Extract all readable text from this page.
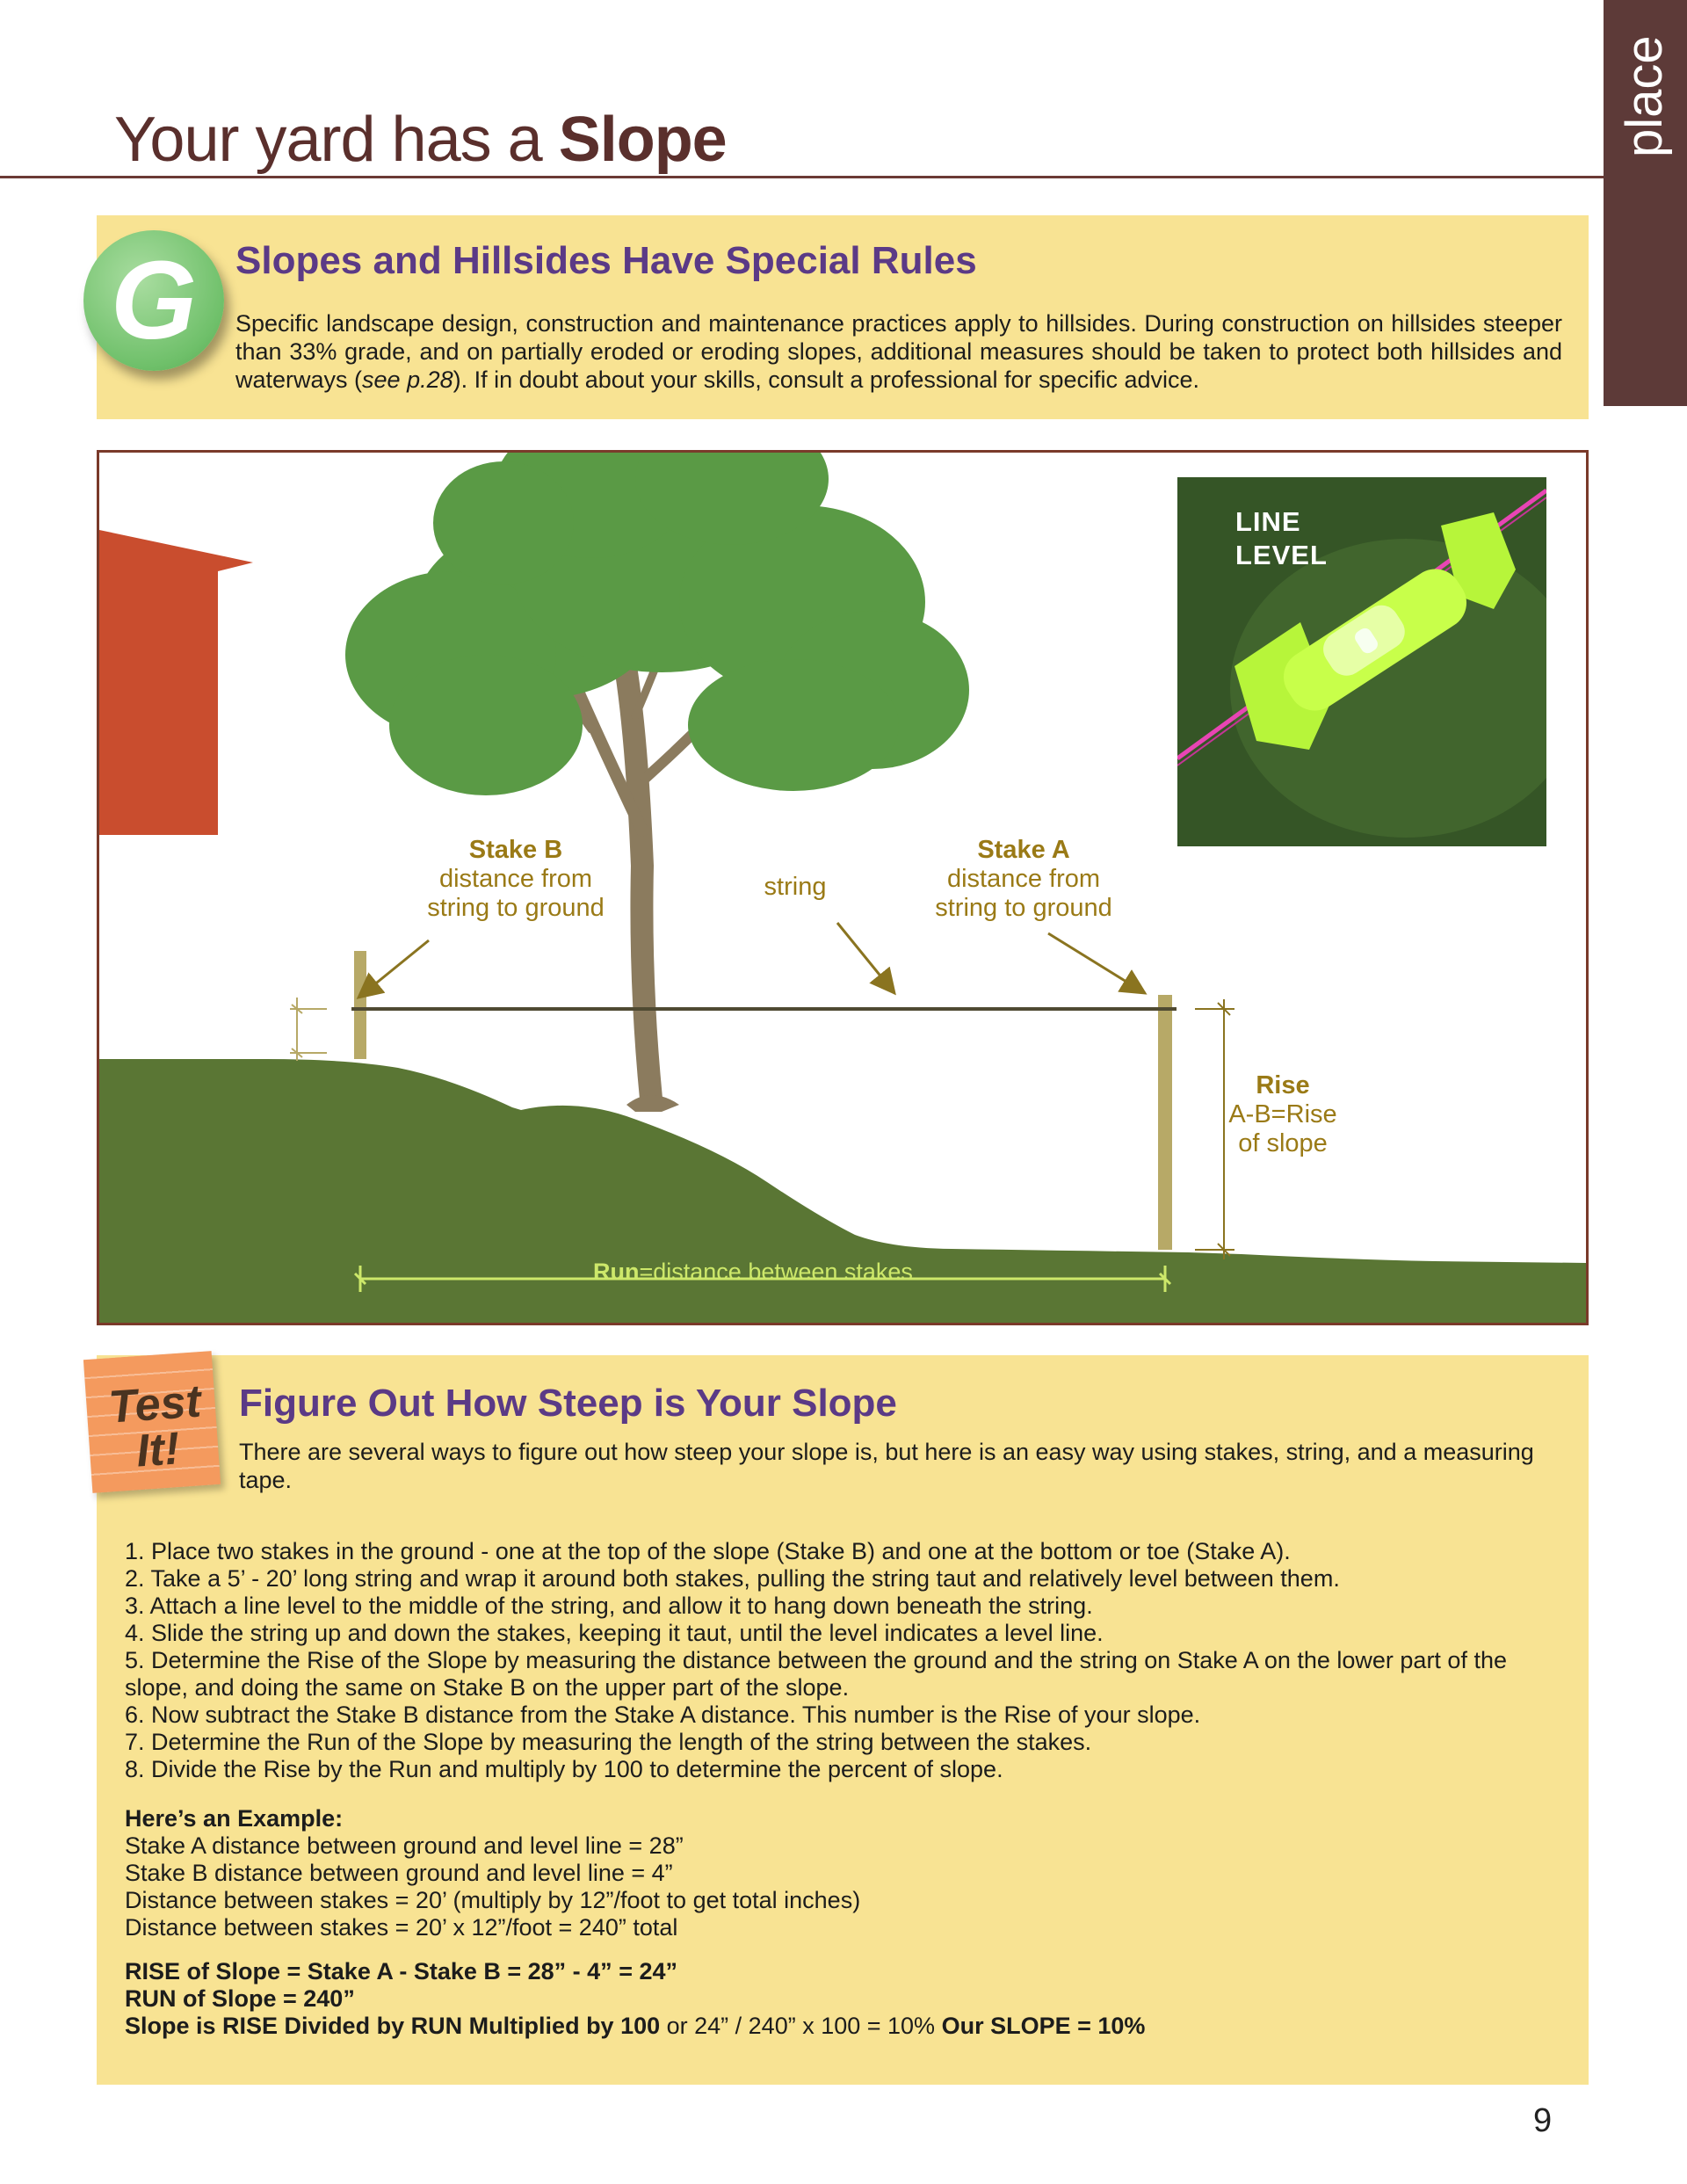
Your yard has a Slope	place
G	Slopes and Hillsides Have Special Rules
Specific landscape design, construction and maintenance practices apply to hillsides. During construction on hillsides steeper than 33% grade, and on partially eroded or eroding slopes, additional measures should be taken to protect both hillsides and waterways (see p.28). If in doubt about your skills, consult a professional for specific advice.
LINE
LEVEL
Stake B
distance from
string to ground
string
Stake A
distance from
string to ground
Rise
A-B=Rise
of slope
Run=distance between stakes
Test
It!
Figure Out How Steep is Your Slope
There are several ways to figure out how steep your slope is, but here is an easy way using stakes, string, and a measuring tape.
1. Place two stakes in the ground - one at the top of the slope (Stake B) and one at the bottom or toe (Stake A).
2. Take a 5’ - 20’ long string and wrap it around both stakes, pulling the string taut and relatively level between them.
3. Attach a line level to the middle of the string, and allow it to hang down beneath the string.
4. Slide the string up and down the stakes, keeping it taut, until the level indicates a level line.
5. Determine the Rise of the Slope by measuring the distance between the ground and the string on Stake A on the lower part of the slope, and doing the same on Stake B on the upper part of the slope.
6. Now subtract the Stake B distance from the Stake A distance. This number is the Rise of your slope.
7. Determine the Run of the Slope by measuring the length of the string between the stakes.
8. Divide the Rise by the Run and multiply by 100 to determine the percent of slope.
Here’s an Example:
Stake A distance between ground and level line = 28”
Stake B distance between ground and level line = 4”
Distance between stakes = 20’ (multiply by 12”/foot to get total inches)
Distance between stakes = 20’ x 12”/foot = 240” total
RISE of Slope = Stake A - Stake B = 28” - 4” = 24”
RUN of Slope = 240”
Slope is RISE Divided by RUN Multiplied by 100 or 24” / 240” x 100 = 10% Our SLOPE = 10%
9
